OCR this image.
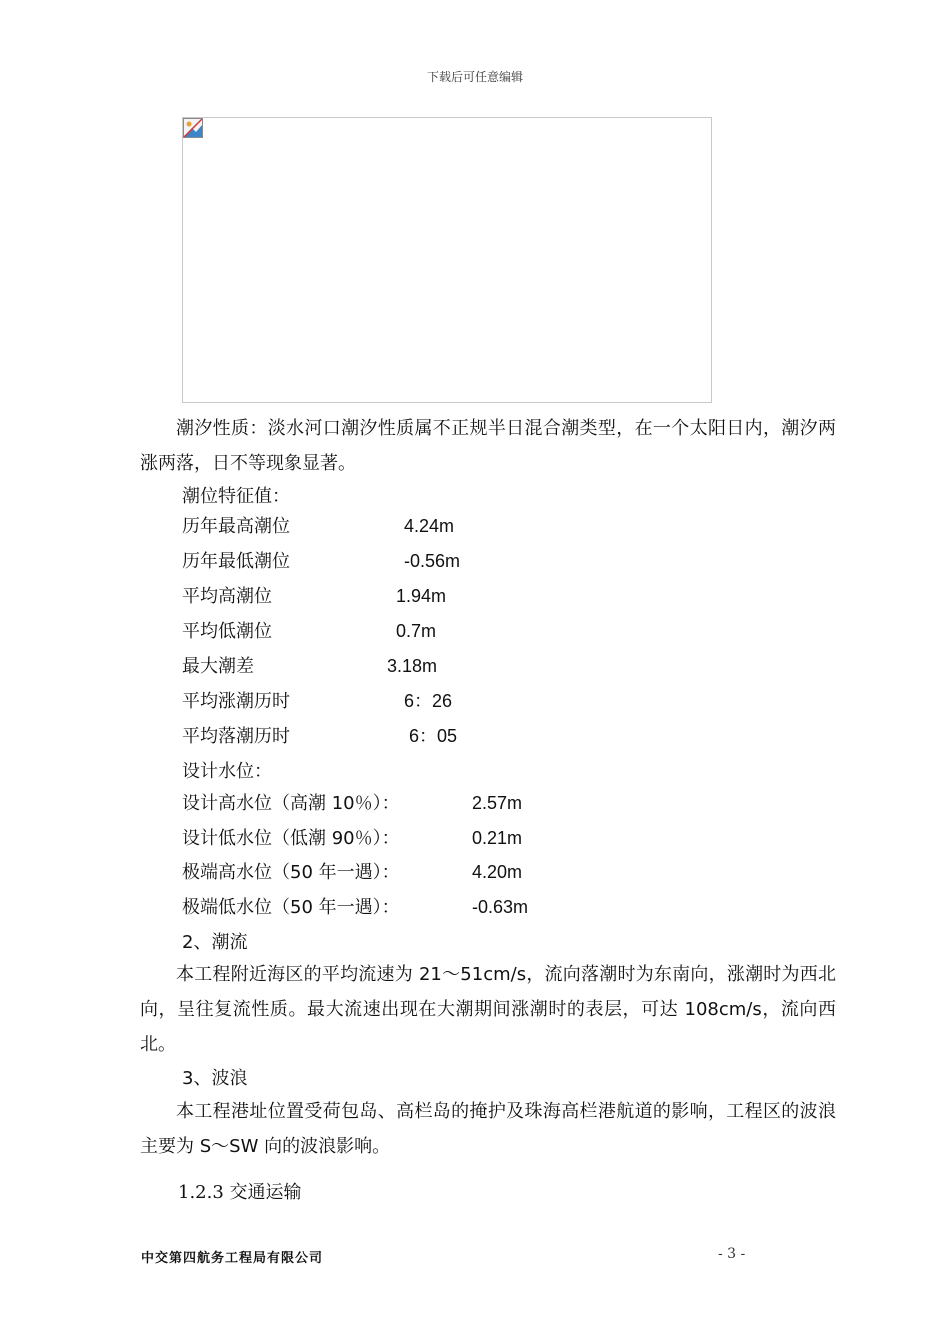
下载后可任意编辑

潮汐性质：淡水河口潮汐性质属不正规半日混合潮类型，在一个太阳日内，潮汐两涨两落，日不等现象显著。

潮位特征值：
历年最高潮位	4.24m
历年最低潮位	-0.56m
平均高潮位	1.94m
平均低潮位	0.7m
最大潮差	3.18m
平均涨潮历时	6：26
平均落潮历时	6：05
设计水位：
设计高水位（高潮 10％）：	2.57m
设计低水位（低潮 90％）：	0.21m
极端高水位（50 年一遇）：	4.20m
极端低水位（50 年一遇）：	-0.63m
2、潮流

本工程附近海区的平均流速为 21～51cm/s，流向落潮时为东南向，涨潮时为西北向，呈往复流性质。最大流速出现在大潮期间涨潮时的表层，可达 108cm/s，流向西北。

3、波浪

本工程港址位置受荷包岛、高栏岛的掩护及珠海高栏港航道的影响，工程区的波浪主要为 S～SW 向的波浪影响。

1.2.3 交通运输
中交第四航务工程局有限公司	- 3 -
